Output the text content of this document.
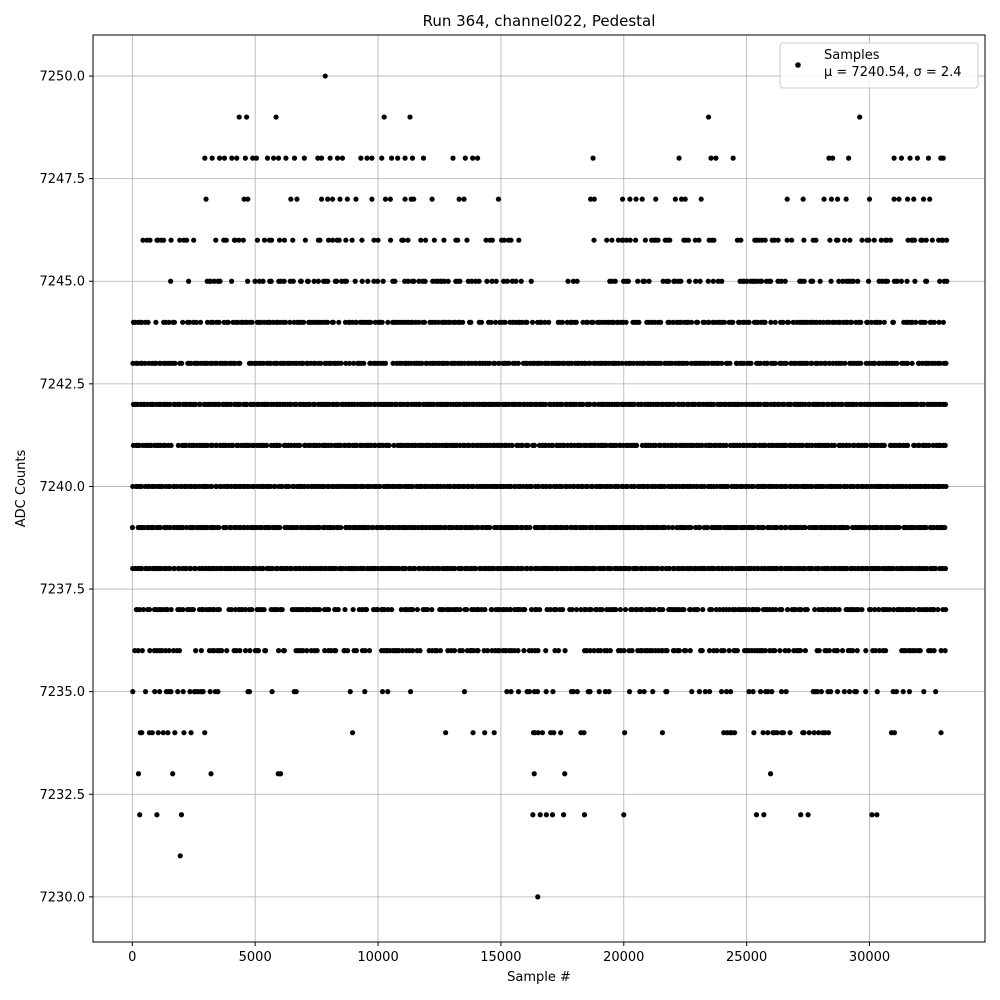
0	5000	10000	15000	20000	25000	30000
7230.0
7232.5
7235.0
7237.5
7240.0
7242.5
7245.0
7247.5
7250.0
Run 364, channel022, Pedestal
Sample #
ADC Counts
Samples
μ = 7240.54, σ = 2.4
